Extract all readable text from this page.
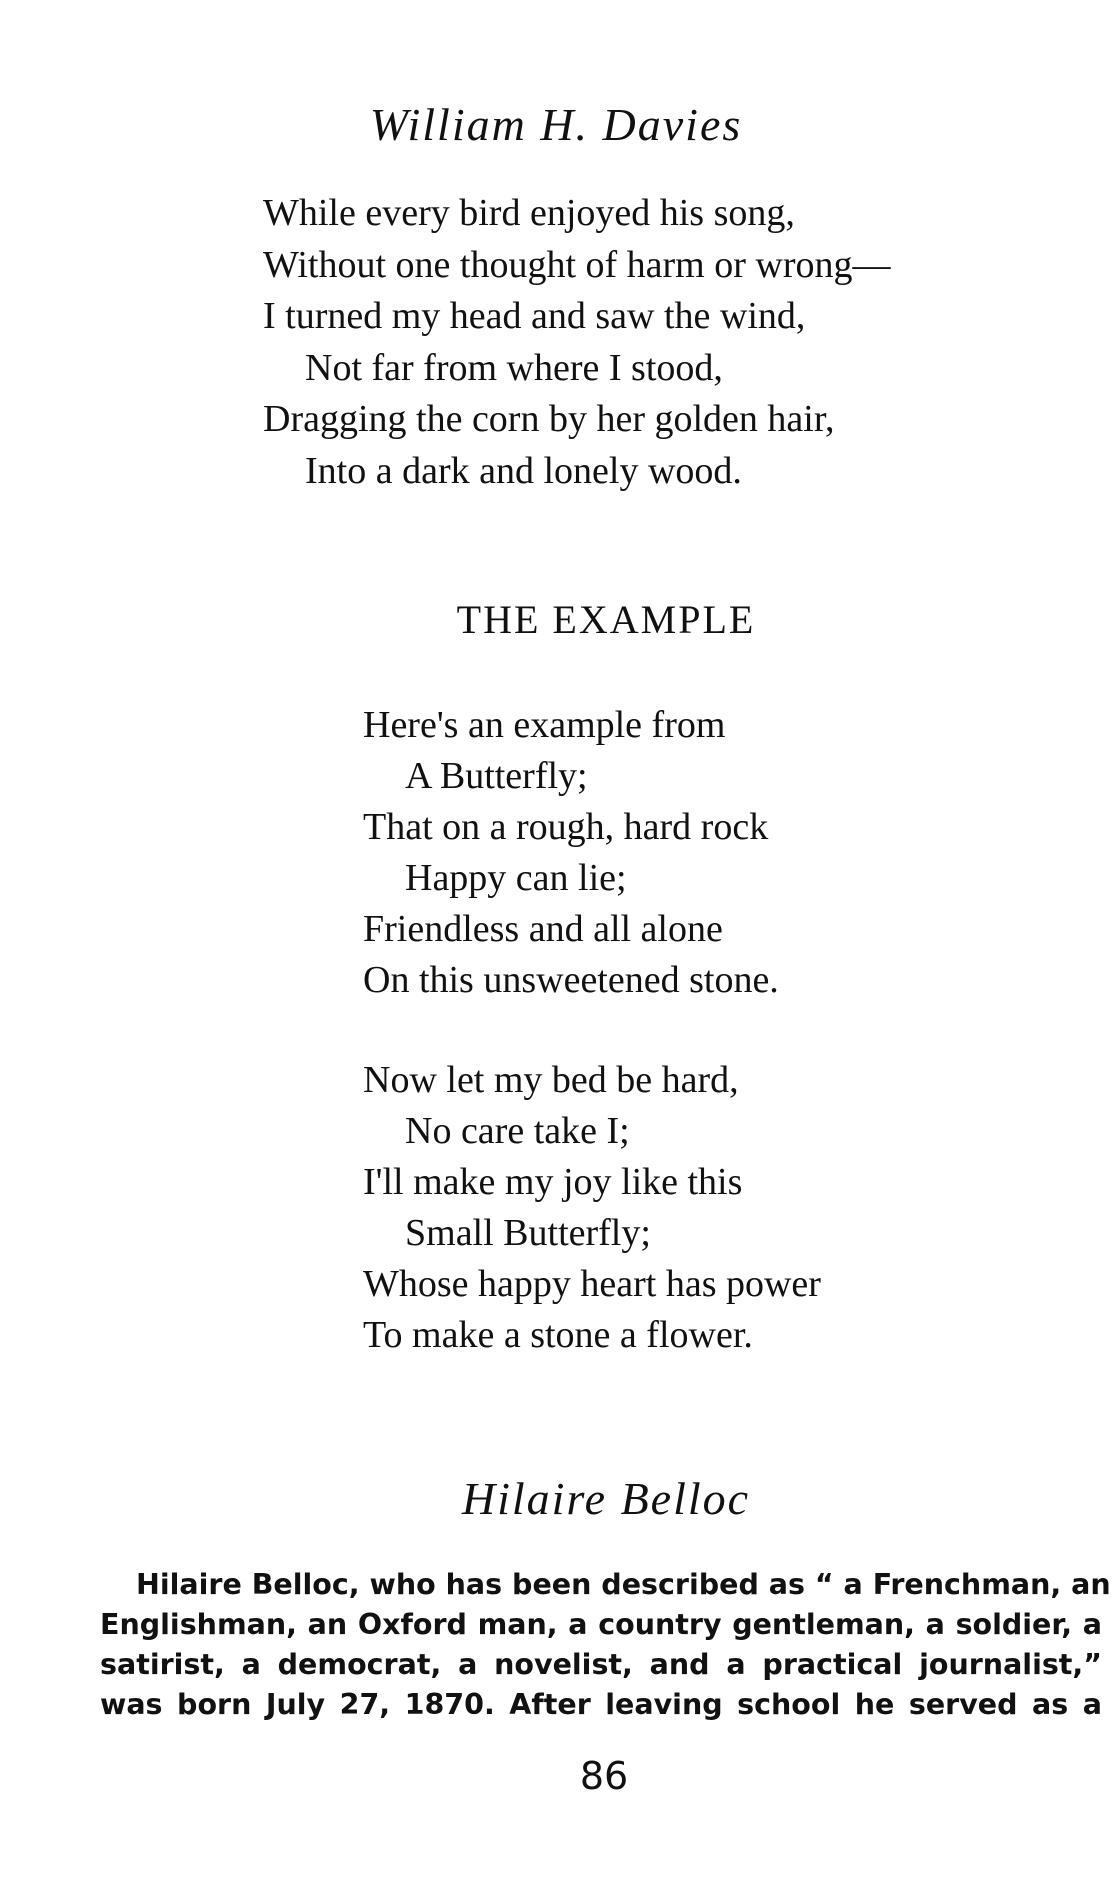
William H. Davies
While every bird enjoyed his song,
Without one thought of harm or wrong—
I turned my head and saw the wind,
Not far from where I stood,
Dragging the corn by her golden hair,
Into a dark and lonely wood.
THE EXAMPLE
Here's an example from
A Butterfly;
That on a rough, hard rock
Happy can lie;
Friendless and all alone
On this unsweetened stone.
Now let my bed be hard,
No care take I;
I'll make my joy like this
Small Butterfly;
Whose happy heart has power
To make a stone a flower.
Hilaire Belloc

Hilaire Belloc, who has been described as “ a Frenchman, an
Englishman, an Oxford man, a country gentleman, a soldier, a
satirist, a democrat, a novelist, and a practical journalist,”
was born July 27, 1870. After leaving school he served as a

86
